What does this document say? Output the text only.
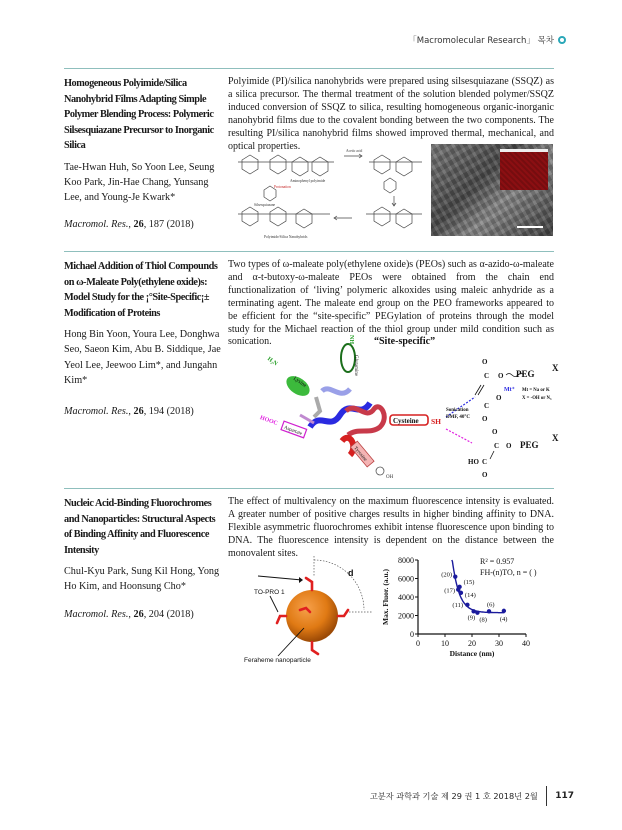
「Macromolecular Research」 목차

Homogeneous Polyimide/Silica Nanohybrid Films Adapting Simple Polymer Blending Process: Polymeric Silsesquiazane Precursor to Inorganic Silica

Tae-Hwan Huh, So Yoon Lee, Seung Koo Park, Jin-Hae Chang, Yunsang Lee, and Young-Je Kwark*
Macromol. Res., 26, 187 (2018)

Polyimide (PI)/silica nanohybrids were prepared using silsesquiazane (SSQZ) as a silica precursor. The thermal treatment of the solution blended polymer/SSQZ induced conversion of SSQZ to silica, resulting homogeneous organic-inorganic nanohybrid films due to the covalent bonding between the two components. The resulting PI/silica nanohybrid films showed improved thermal, mechanical, and optical properties.	Acetic acid
Aminophenyl polyimide
Silsesquiazane
Protonation
Polyimide/Silica Nanohybrids

Michael Addition of Thiol Compounds on ω-Maleate Poly(ethylene oxide)s: Model Study for the ¡°Site-Specific¡± Modification of Proteins

Hong Bin Yoon, Youra Lee, Donghwa Seo, Saeon Kim, Abu B. Siddique, Jae Yeol Lee, Jeewoo Lim*, and Jungahn Kim*
Macromol. Res., 26, 194 (2018)

Two types of ω-maleate poly(ethylene oxide)s (PEOs) such as α-azido-ω-maleate and α-t-butoxy-ω-maleate PEOs were obtained from the chain end functionalization of ‘living’ polymeric alkoxides using maleic anhydride as a terminating agent. The maleate end group on the PEO frameworks appeared to be efficient for the “site-specific” PEGylation of proteins through the model study for the Michael reaction of the thiol group under mild condition such as sonication.	“Site-specific”
Lysine
H₂N	Glutamine
NH₂
Cysteine SH
Aspartate
HOOC
Tyrosine
OH
Sonication
DMF, 40°C
O
C O
C
O
O
PEG
X
Mt⁺ Mt = Na or K
X = -OH or N₃
O
C O
HO C
O
PEG
X

Nucleic Acid-Binding Fluorochromes and Nanoparticles: Structural Aspects of Binding Affinity and Fluorescence Intensity

Chul-Kyu Park, Sung Kil Hong, Yong Ho Kim, and Hoonsung Cho*
Macromol. Res., 26, 204 (2018)

The effect of multivalency on the maximum fluorescence intensity is evaluated. A greater number of positive charges results in higher binding affinity to DNA. Flexible asymmetric fluorochromes exhibit intense fluorescence upon binding to DNA. The fluorescence intensity is dependent on the distance between the monovalent sites.

d
TO-PRO 1
Feraheme nanoparticle
0
2000
4000
6000
8000
0	10 20 30 40
Distance (nm)
Max. Fluor. (a.u.)	(20)
(15)
(17)
(14)
(11)
(9) (8)
(6)
(4)
R² = 0.957
FH-(n)TO, n = ( )
고분자 과학과 기술 제 29 권 1 호 2018년 2월 117
